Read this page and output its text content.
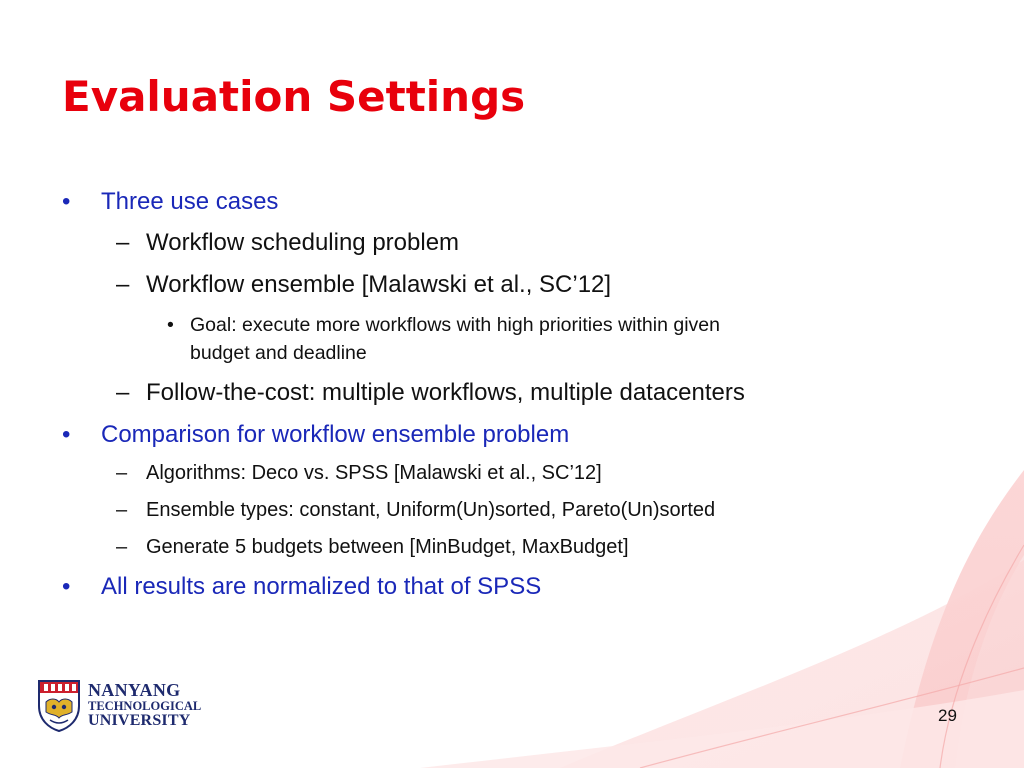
Evaluation Settings
• Three use cases
– Workflow scheduling problem
– Workflow ensemble [Malawski et al., SC’12]
• Goal: execute more workflows with high priorities within given
budget and deadline
– Follow-the-cost: multiple workflows, multiple datacenters
• Comparison for workflow ensemble problem
– Algorithms: Deco vs. SPSS [Malawski et al., SC’12]
– Ensemble types: constant, Uniform(Un)sorted, Pareto(Un)sorted
– Generate 5 budgets between [MinBudget, MaxBudget]
• All results are normalized to that of SPSS
NANYANG
TECHNOLOGICAL
UNIVERSITY	29
